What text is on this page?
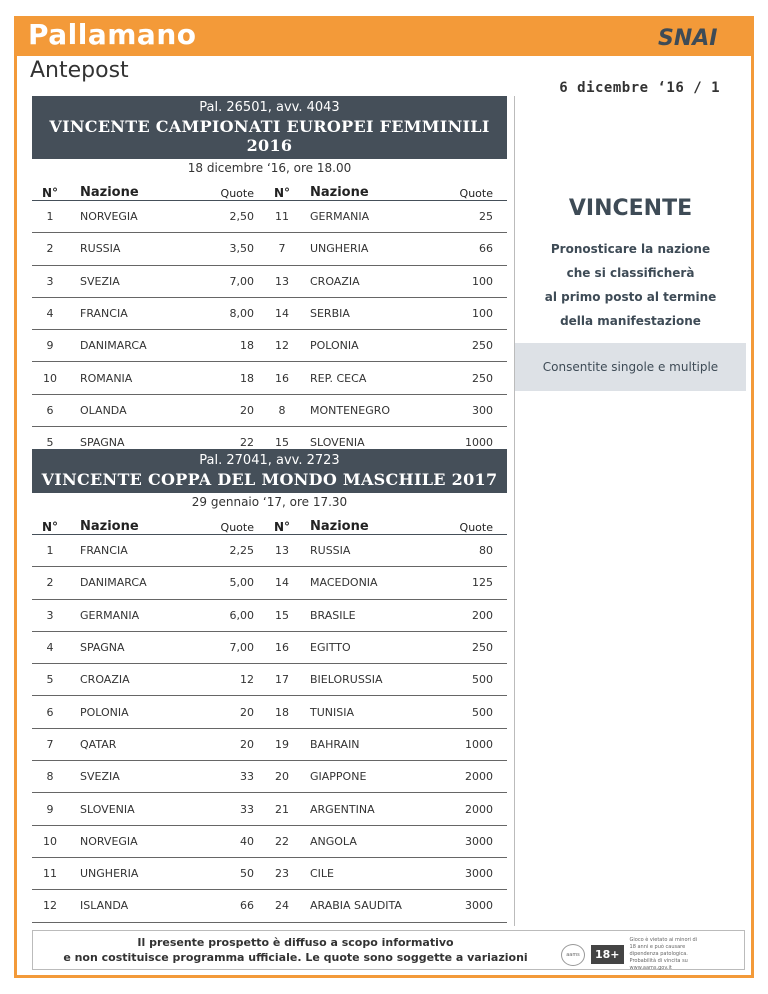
Pallamano
Antepost
SNAI
6 dicembre ‘16 / 1
Pal. 26501, avv. 4043
VINCENTE CAMPIONATI EUROPEI FEMMINILI 2016
18 dicembre ‘16, ore 18.00
N°	Nazione	Quote	N°	Nazione	Quote
1	NORVEGIA	2,50	11	GERMANIA	25
2	RUSSIA	3,50	7	UNGHERIA	66
3	SVEZIA	7,00	13	CROAZIA	100
4	FRANCIA	8,00	14	SERBIA	100
9	DANIMARCA	18	12	POLONIA	250
10	ROMANIA	18	16	REP. CECA	250
6	OLANDA	20	8	MONTENEGRO	300
5	SPAGNA	22	15	SLOVENIA	1000
Pal. 27041, avv. 2723
VINCENTE COPPA DEL MONDO MASCHILE 2017
29 gennaio ‘17, ore 17.30
N°	Nazione	Quote	N°	Nazione	Quote
1	FRANCIA	2,25	13	RUSSIA	80
2	DANIMARCA	5,00	14	MACEDONIA	125
3	GERMANIA	6,00	15	BRASILE	200
4	SPAGNA	7,00	16	EGITTO	250
5	CROAZIA	12	17	BIELORUSSIA	500
6	POLONIA	20	18	TUNISIA	500
7	QATAR	20	19	BAHRAIN	1000
8	SVEZIA	33	20	GIAPPONE	2000
9	SLOVENIA	33	21	ARGENTINA	2000
10	NORVEGIA	40	22	ANGOLA	3000
11	UNGHERIA	50	23	CILE	3000
12	ISLANDA	66	24	ARABIA SAUDITA	3000
VINCENTE
Pronosticare la nazione
che si classificherà
al primo posto al termine
della manifestazione
Consentite singole e multiple
Il presente prospetto è diffuso a scopo informativo
e non costituisce programma ufficiale. Le quote sono soggette a variazioni	aams	18+
Gioco è vietato ai minori di 18 anni e può causare dipendenza patologica. Probabilità di vincita su www.aams.gov.it
